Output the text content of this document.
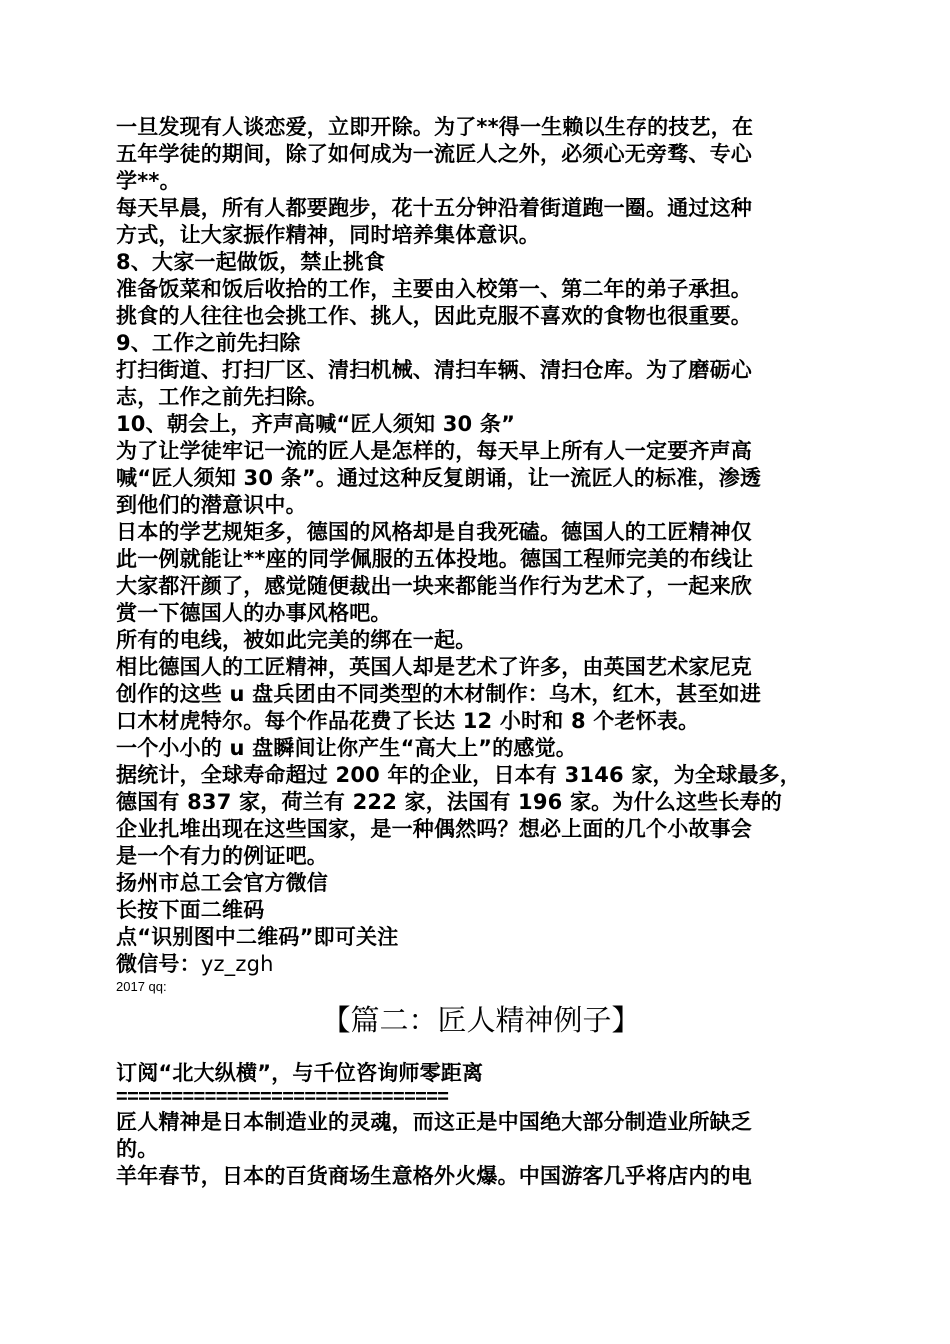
一旦发现有人谈恋爱，立即开除。为了**得一生赖以生存的技艺，在
五年学徒的期间，除了如何成为一流匠人之外，必须心无旁骛、专心
学**。
每天早晨，所有人都要跑步，花十五分钟沿着街道跑一圈。通过这种
方式，让大家振作精神，同时培养集体意识。
8、大家一起做饭，禁止挑食
准备饭菜和饭后收拾的工作，主要由入校第一、第二年的弟子承担。
挑食的人往往也会挑工作、挑人，因此克服不喜欢的食物也很重要。
9、工作之前先扫除
打扫街道、打扫厂区、清扫机械、清扫车辆、清扫仓库。为了磨砺心
志，工作之前先扫除。
10、朝会上，齐声高喊“匠人须知 30 条”
为了让学徒牢记一流的匠人是怎样的，每天早上所有人一定要齐声高
喊“匠人须知 30 条”。通过这种反复朗诵，让一流匠人的标准，渗透
到他们的潜意识中。
日本的学艺规矩多，德国的风格却是自我死磕。德国人的工匠精神仅
此一例就能让**座的同学佩服的五体投地。德国工程师完美的布线让
大家都汗颜了，感觉随便裁出一块来都能当作行为艺术了，一起来欣
赏一下德国人的办事风格吧。
所有的电线，被如此完美的绑在一起。
相比德国人的工匠精神，英国人却是艺术了许多，由英国艺术家尼克
创作的这些 u 盘兵团由不同类型的木材制作：乌木，红木，甚至如进
口木材虎特尔。每个作品花费了长达 12 小时和 8 个老怀表。
一个小小的 u 盘瞬间让你产生“高大上”的感觉。
据统计，全球寿命超过 200 年的企业，日本有 3146 家，为全球最多，
德国有 837 家，荷兰有 222 家，法国有 196 家。为什么这些长寿的
企业扎堆出现在这些国家，是一种偶然吗？想必上面的几个小故事会
是一个有力的例证吧。
扬州市总工会官方微信
长按下面二维码
点“识别图中二维码”即可关注
微信号：yz_zgh
2017 qq:
【篇二：匠人精神例子】
订阅“北大纵横”，与千位咨询师零距离
==============================
匠人精神是日本制造业的灵魂，而这正是中国绝大部分制造业所缺乏
的。
羊年春节，日本的百货商场生意格外火爆。中国游客几乎将店内的电
